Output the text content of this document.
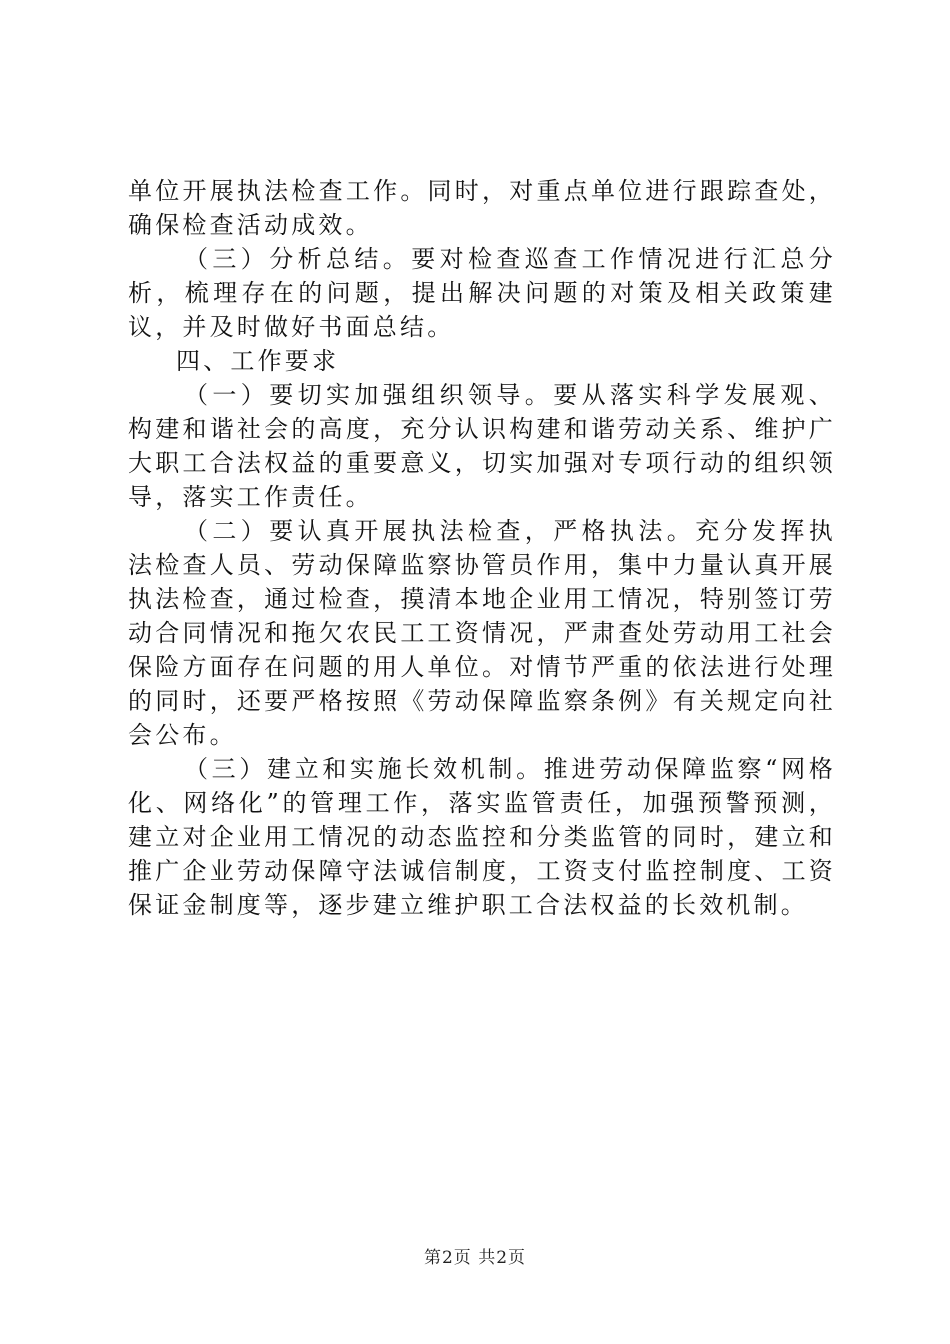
单位开展执法检查工作。同时，对重点单位进行跟踪查处，确保检查活动成效。

（三）分析总结。要对检查巡查工作情况进行汇总分析，梳理存在的问题，提出解决问题的对策及相关政策建议，并及时做好书面总结。

四、工作要求

（一）要切实加强组织领导。要从落实科学发展观、构建和谐社会的高度，充分认识构建和谐劳动关系、维护广大职工合法权益的重要意义，切实加强对专项行动的组织领导，落实工作责任。

（二）要认真开展执法检查，严格执法。充分发挥执法检查人员、劳动保障监察协管员作用，集中力量认真开展执法检查，通过检查，摸清本地企业用工情况，特别签订劳动合同情况和拖欠农民工工资情况，严肃查处劳动用工社会保险方面存在问题的用人单位。对情节严重的依法进行处理的同时，还要严格按照《劳动保障监察条例》有关规定向社会公布。

（三）建立和实施长效机制。推进劳动保障监察“网格化、网络化”的管理工作，落实监管责任，加强预警预测，建立对企业用工情况的动态监控和分类监管的同时，建立和推广企业劳动保障守法诚信制度，工资支付监控制度、工资保证金制度等，逐步建立维护职工合法权益的长效机制。

第2页 共2页
